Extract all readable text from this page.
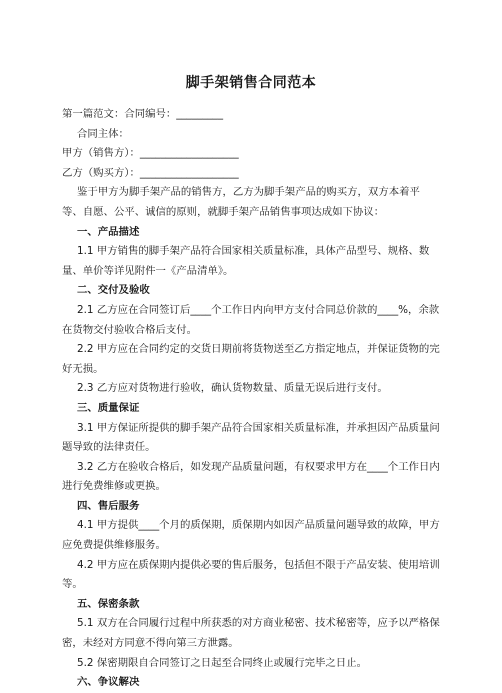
脚手架销售合同范本

第一篇范文：合同编号：_________

合同主体：

甲方（销售方）：___________________

乙方（购买方）：___________________

鉴于甲方为脚手架产品的销售方，乙方为脚手架产品的购买方，双方本着平等、自愿、公平、诚信的原则，就脚手架产品销售事项达成如下协议：

一、产品描述

1.1 甲方销售的脚手架产品符合国家相关质量标准，具体产品型号、规格、数量、单价等详见附件一《产品清单》。

二、交付及验收

2.1 乙方应在合同签订后____个工作日内向甲方支付合同总价款的____%，余款在货物交付验收合格后支付。

2.2 甲方应在合同约定的交货日期前将货物送至乙方指定地点，并保证货物的完好无损。

2.3 乙方应对货物进行验收，确认货物数量、质量无误后进行支付。

三、质量保证

3.1 甲方保证所提供的脚手架产品符合国家相关质量标准，并承担因产品质量问题导致的法律责任。

3.2 乙方在验收合格后，如发现产品质量问题，有权要求甲方在____个工作日内进行免费维修或更换。

四、售后服务

4.1 甲方提供____个月的质保期，质保期内如因产品质量问题导致的故障，甲方应免费提供维修服务。

4.2 甲方应在质保期内提供必要的售后服务，包括但不限于产品安装、使用培训等。

五、保密条款

5.1 双方在合同履行过程中所获悉的对方商业秘密、技术秘密等，应予以严格保密，未经对方同意不得向第三方泄露。

5.2 保密期限自合同签订之日起至合同终止或履行完毕之日止。

六、争议解决
